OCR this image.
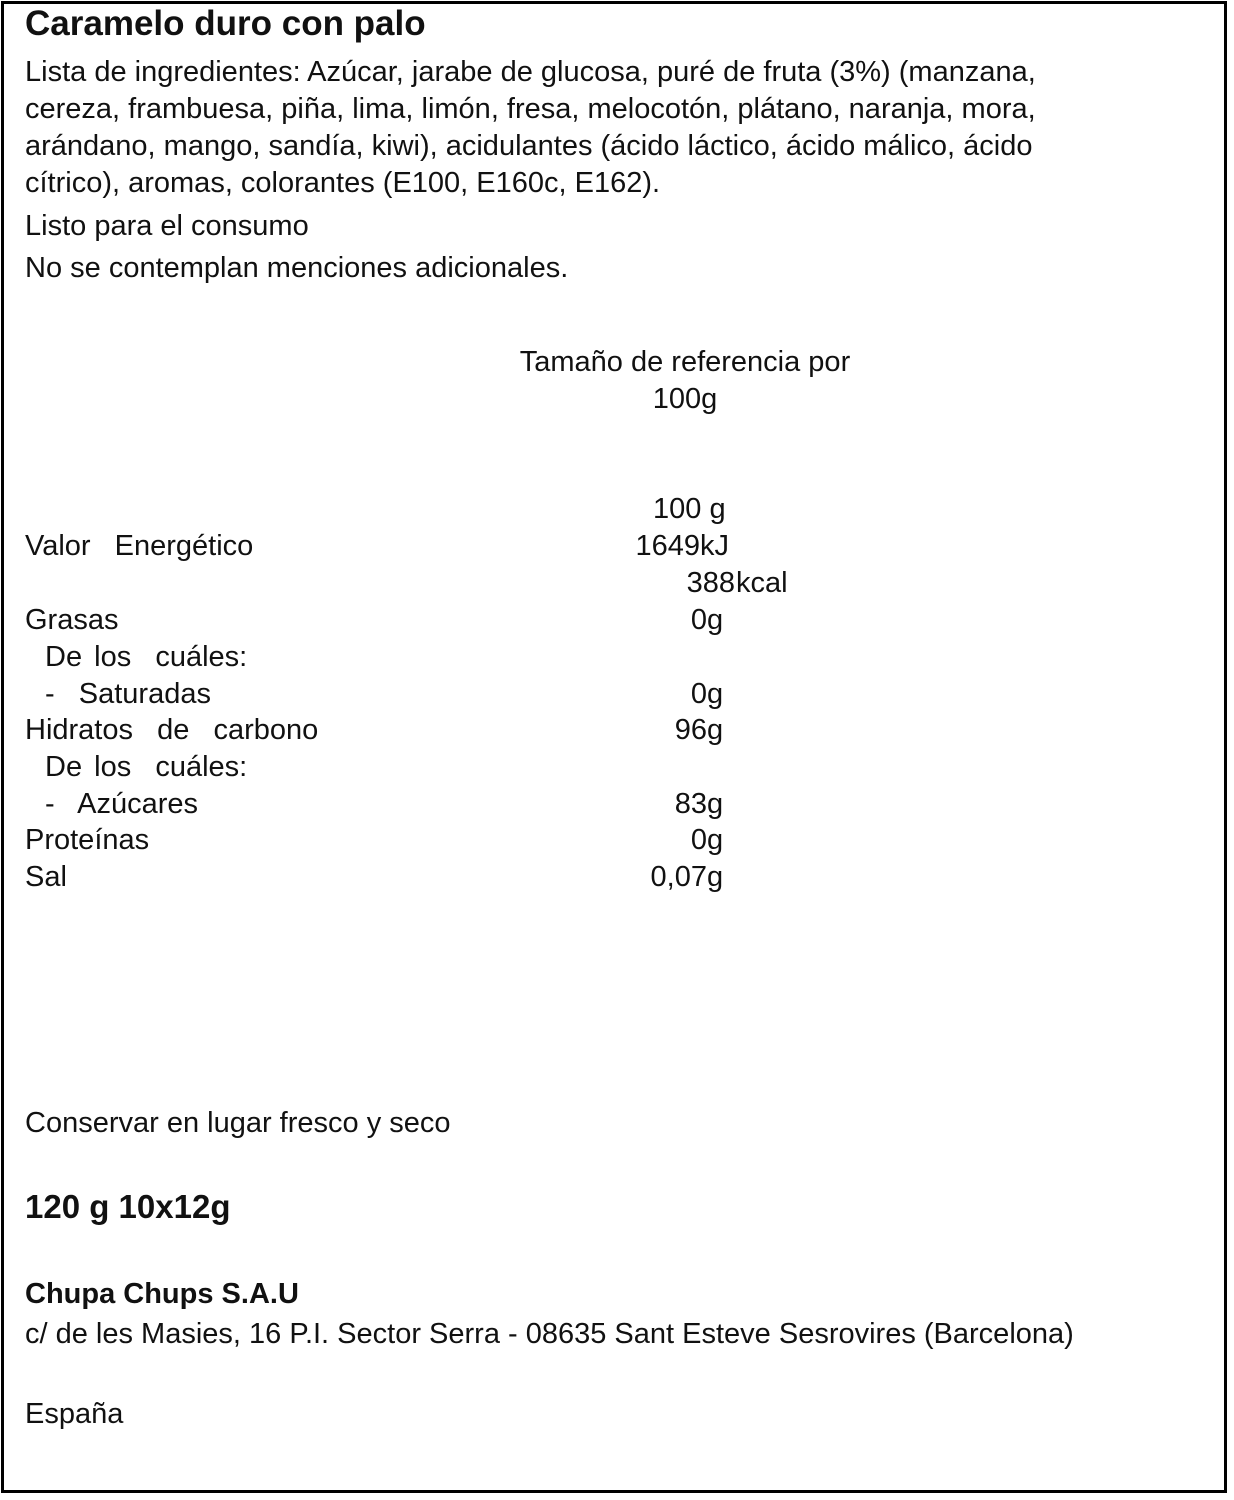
Caramelo duro con palo

Lista de ingredientes: Azúcar, jarabe de glucosa, puré de fruta (3%) (manzana,
cereza, frambuesa, piña, lima, limón, fresa, melocotón, plátano, naranja, mora,
arándano, mango, sandía, kiwi), acidulantes (ácido láctico, ácido málico, ácido
cítrico), aromas, colorantes (E100, E160c, E162).

Listo para el consumo

No se contemplan menciones adicionales.

Tamaño de referencia por
100g

100 g

Valor  Energético	1649 kJ
388 kcal
Grasas	0 g
De los  cuáles:
-  Saturadas	0 g
Hidratos  de  carbono	96 g
De los  cuáles:
-  Azúcares	83 g
Proteínas	0 g
Sal	0,07 g

Conservar en lugar fresco y seco

120 g 10x12g

Chupa Chups S.A.U

c/ de les Masies, 16 P.I. Sector Serra - 08635 Sant Esteve Sesrovires (Barcelona)

España
